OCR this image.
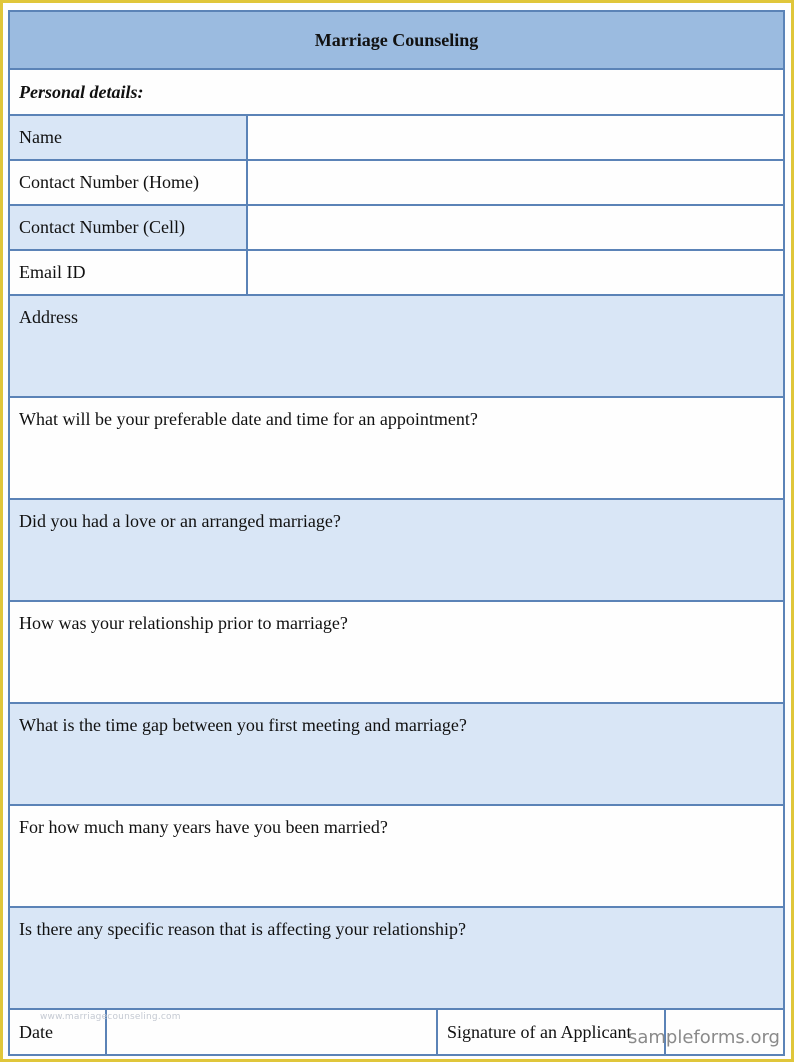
Marriage Counseling				
Personal details:				
Name				
Contact Number (Home)				
Contact Number (Cell)				
Email ID				
Address				
What will be your preferable date and time for an appointment?				
Did you had a love or an arranged marriage?				
How was your relationship prior to marriage?				
What is the time gap between you first meeting and marriage?				
For how much many years have you been married?				
Is there any specific reason that is affecting your relationship?				
Date			Signature of an Applicant	
www.marriagecounseling.com
sampleforms.org
